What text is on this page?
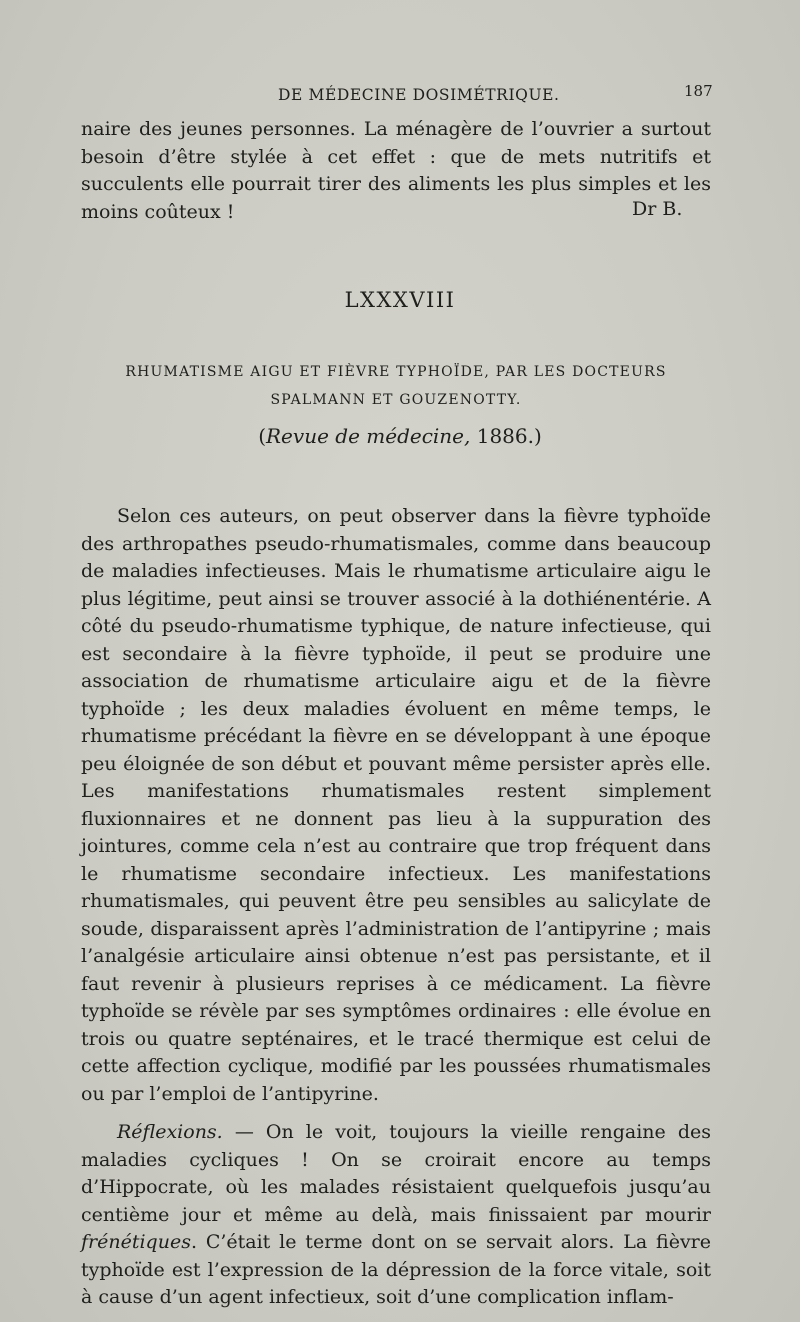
DE MÉDECINE DOSIMÉTRIQUE.	187

naire des jeunes personnes. La ménagère de l’ouvrier a surtout besoin d’être stylée à cet effet : que de mets nutritifs et succulents elle pourrait tirer des aliments les plus simples et les moins coûteux !	Dr B.
LXXXVIII
RHUMATISME AIGU ET FIÈVRE TYPHOÏDE, PAR LES DOCTEURS SPALMANN ET GOUZENOTTY.
(Revue de médecine, 1886.)

Selon ces auteurs, on peut observer dans la fièvre typhoïde des arthropathes pseudo-rhumatismales, comme dans beaucoup de maladies infectieuses. Mais le rhumatisme articulaire aigu le plus légitime, peut ainsi se trouver associé à la dothiénentérie. A côté du pseudo-rhumatisme typhique, de nature infectieuse, qui est secondaire à la fièvre typhoïde, il peut se produire une association de rhumatisme articulaire aigu et de la fièvre typhoïde ; les deux maladies évoluent en même temps, le rhumatisme précédant la fièvre en se développant à une époque peu éloignée de son début et pouvant même persister après elle. Les manifestations rhumatismales restent simplement fluxionnaires et ne donnent pas lieu à la suppuration des jointures, comme cela n’est au contraire que trop fréquent dans le rhumatisme secondaire infectieux. Les manifestations rhumatismales, qui peuvent être peu sensibles au salicylate de soude, disparaissent après l’administration de l’antipyrine ; mais l’analgésie articulaire ainsi obtenue n’est pas persistante, et il faut revenir à plusieurs reprises à ce médicament. La fièvre typhoïde se révèle par ses symptômes ordinaires : elle évolue en trois ou quatre septénaires, et le tracé thermique est celui de cette affection cyclique, modifié par les poussées rhumatismales ou par l’emploi de l’antipyrine.

Réflexions. — On le voit, toujours la vieille rengaine des maladies cycliques ! On se croirait encore au temps d’Hippocrate, où les malades résistaient quelquefois jusqu’au centième jour et même au delà, mais finissaient par mourir frénétiques. C’était le terme dont on se servait alors. La fièvre typhoïde est l’expression de la dépression de la force vitale, soit à cause d’un agent infectieux, soit d’une complication inflam-
